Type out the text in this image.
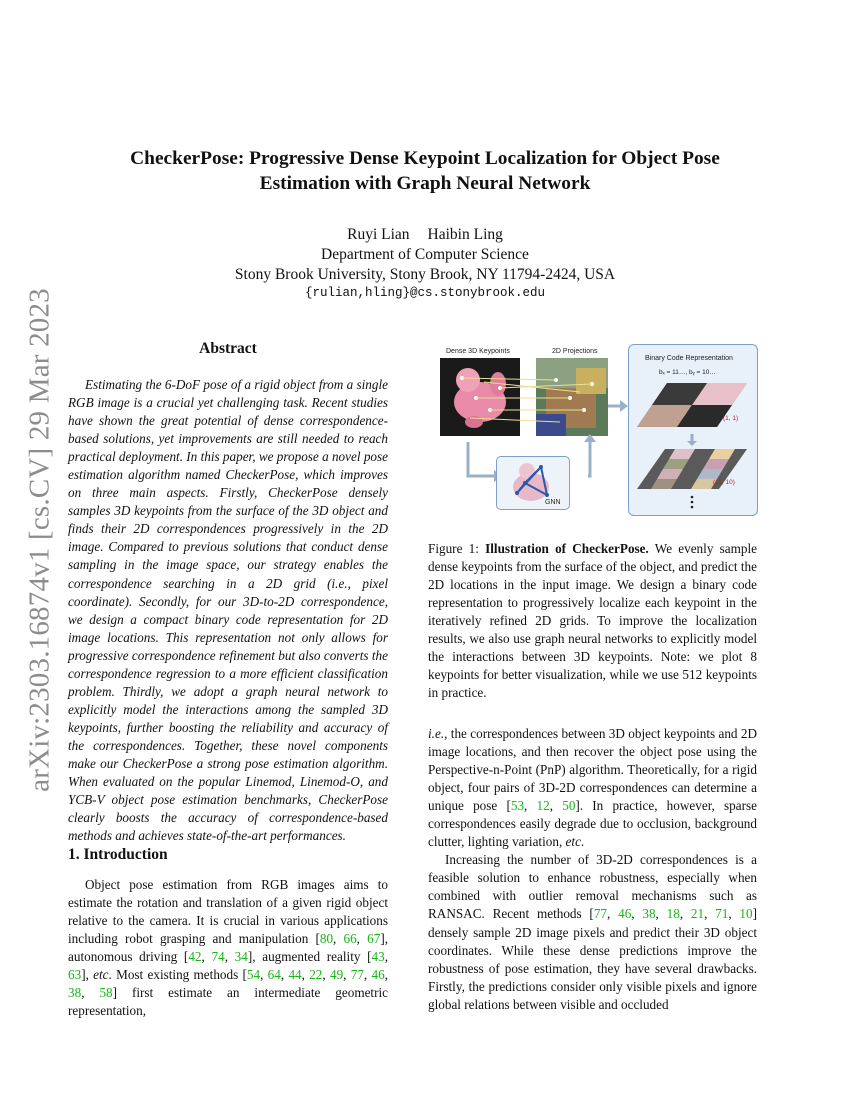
arXiv:2303.16874v1 [cs.CV] 29 Mar 2023
CheckerPose: Progressive Dense Keypoint Localization for Object Pose Estimation with Graph Neural Network
Ruyi Lian Haibin Ling
Department of Computer Science
Stony Brook University, Stony Brook, NY 11794-2424, USA
{rulian,hling}@cs.stonybrook.edu
Abstract

Estimating the 6-DoF pose of a rigid object from a single RGB image is a crucial yet challenging task. Recent studies have shown the great potential of dense correspondence-based solutions, yet improvements are still needed to reach practical deployment. In this paper, we propose a novel pose estimation algorithm named CheckerPose, which improves on three main aspects. Firstly, CheckerPose densely samples 3D keypoints from the surface of the 3D object and finds their 2D correspondences progressively in the 2D image. Compared to previous solutions that conduct dense sampling in the image space, our strategy enables the correspondence searching in a 2D grid (i.e., pixel coordinate). Secondly, for our 3D-to-2D correspondence, we design a compact binary code representation for 2D image locations. This representation not only allows for progressive correspondence refinement but also converts the correspondence regression to a more efficient classification problem. Thirdly, we adopt a graph neural network to explicitly model the interactions among the sampled 3D keypoints, further boosting the reliability and accuracy of the correspondences. Together, these novel components make our CheckerPose a strong pose estimation algorithm. When evaluated on the popular Linemod, Linemod-O, and YCB-V object pose estimation benchmarks, CheckerPose clearly boosts the accuracy of correspondence-based methods and achieves state-of-the-art performances.

1. Introduction

Object pose estimation from RGB images aims to estimate the rotation and translation of a given rigid object relative to the camera. It is crucial in various applications including robot grasping and manipulation [80, 66, 67], autonomous driving [42, 74, 34], augmented reality [43, 63], etc. Most existing methods [54, 64, 44, 22, 49, 77, 46, 38, 58] first estimate an intermediate geometric representation,

Dense 3D Keypoints	2D Projections
GNN
Binary Code Representation
bₓ = 11…, bᵧ = 10…
(1, 1)
(11, 10)
Figure 1: Illustration of CheckerPose. We evenly sample dense keypoints from the surface of the object, and predict the 2D locations in the input image. We design a binary code representation to progressively localize each keypoint in the iteratively refined 2D grids. To improve the localization results, we also use graph neural networks to explicitly model the interactions between 3D keypoints. Note: we plot 8 keypoints for better visualization, while we use 512 keypoints in practice.

i.e., the correspondences between 3D object keypoints and 2D image locations, and then recover the object pose using the Perspective-n-Point (PnP) algorithm. Theoretically, for a rigid object, four pairs of 3D-2D correspondences can determine a unique pose [53, 12, 50]. In practice, however, sparse correspondences easily degrade due to occlusion, background clutter, lighting variation, etc.

Increasing the number of 3D-2D correspondences is a feasible solution to enhance robustness, especially when combined with outlier removal mechanisms such as RANSAC. Recent methods [77, 46, 38, 18, 21, 71, 10] densely sample 2D image pixels and predict their 3D object coordinates. While these dense predictions improve the robustness of pose estimation, they have several drawbacks. Firstly, the predictions consider only visible pixels and ignore global relations between visible and occluded
